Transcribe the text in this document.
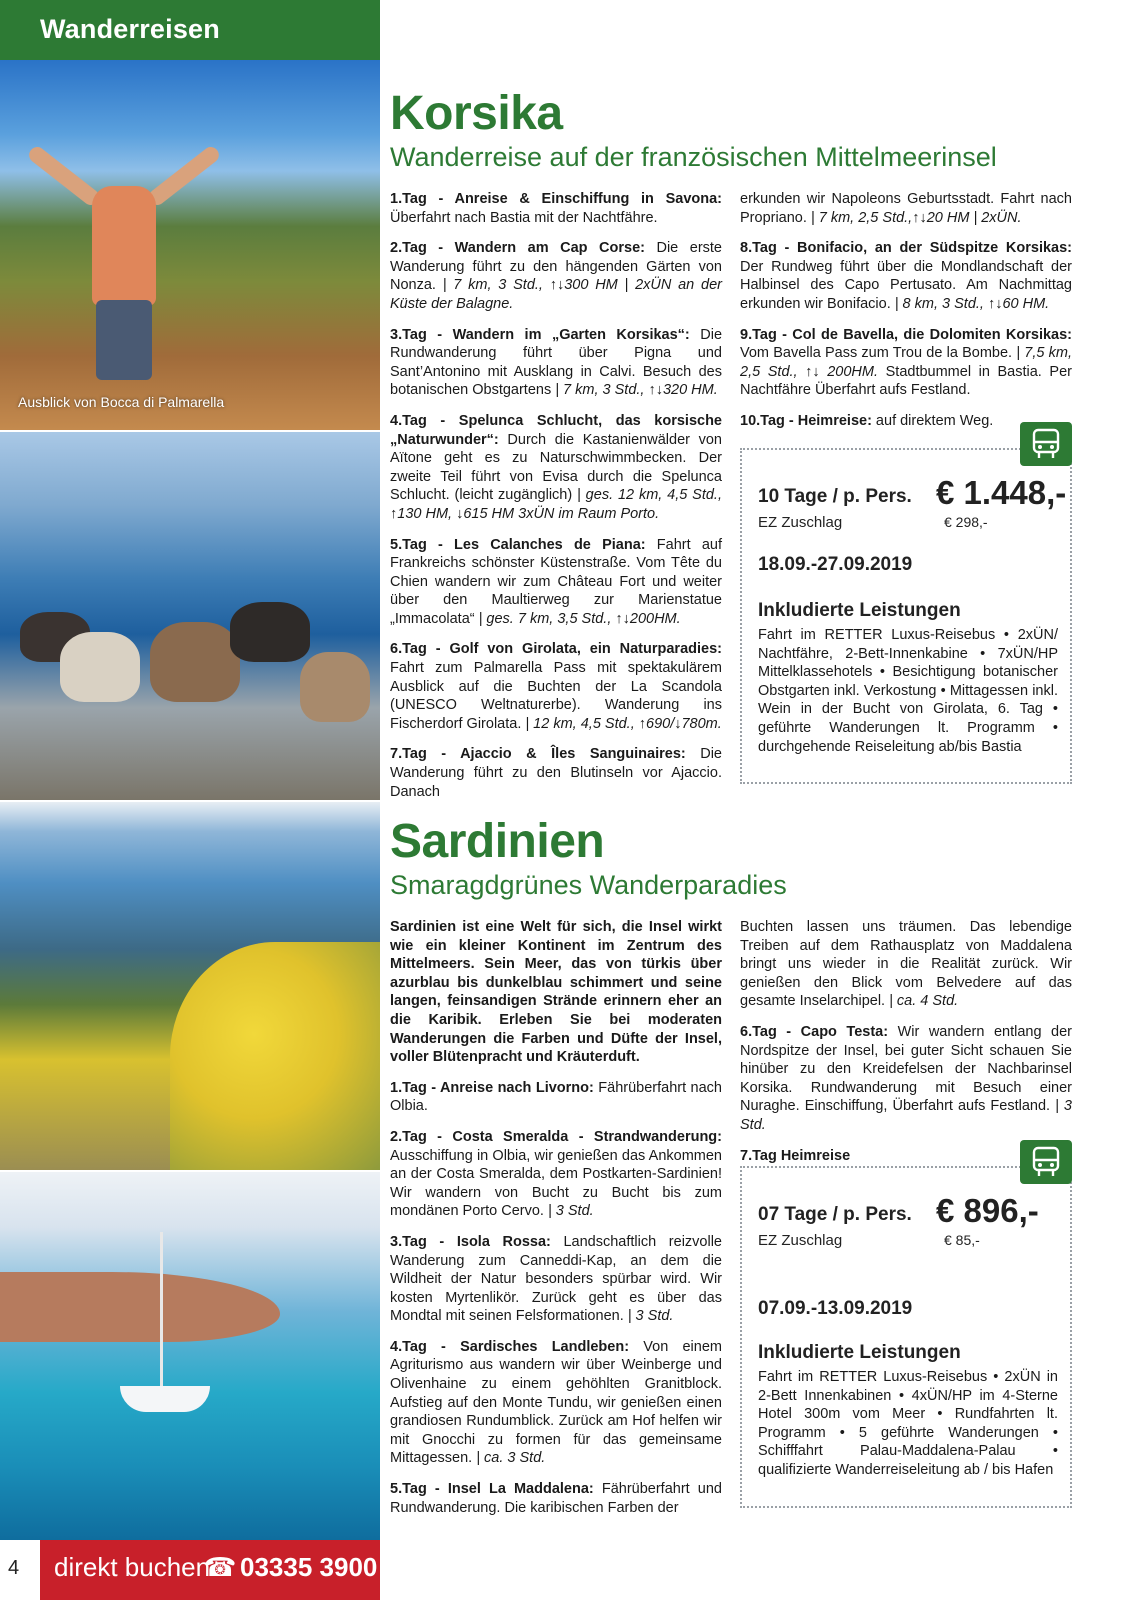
Wanderreisen
Ausblick von Bocca di Palmarella
4 direkt buchen
☎ 03335 3900
Korsika
Wanderreise auf der französischen Mittelmeerinsel

1.Tag - Anreise & Einschiffung in Savona: Überfahrt nach Bastia mit der Nachtfähre.

2.Tag - Wandern am Cap Corse: Die erste Wanderung führt zu den hängenden Gärten von Nonza. | 7 km, 3 Std., ↑↓300 HM | 2xÜN an der Küste der Balagne.

3.Tag - Wandern im „Garten Korsikas“: Die Rundwanderung führt über Pigna und Sant’Antonino mit Ausklang in Calvi. Besuch des botanischen Obstgartens | 7 km, 3 Std., ↑↓320 HM.

4.Tag - Spelunca Schlucht, das korsische „Naturwunder“: Durch die Kastanienwälder von Aïtone geht es zu Naturschwimmbecken. Der zweite Teil führt von Evisa durch die Spelunca Schlucht. (leicht zugänglich) | ges. 12 km, 4,5 Std., ↑130 HM, ↓615 HM 3xÜN im Raum Porto.

5.Tag - Les Calanches de Piana: Fahrt auf Frankreichs schönster Küstenstraße. Vom Tête du Chien wandern wir zum Château Fort und weiter über den Maultierweg zur Marienstatue „Immacolata“ | ges. 7 km, 3,5 Std., ↑↓200HM.

6.Tag - Golf von Girolata, ein Naturparadies: Fahrt zum Palmarella Pass mit spektakulärem Ausblick auf die Buchten der La Scandola (UNESCO Weltnaturerbe). Wanderung ins Fischerdorf Girolata. | 12 km, 4,5 Std., ↑690/↓780m.

7.Tag - Ajaccio & Îles Sanguinaires: Die Wanderung führt zu den Blutinseln vor Ajaccio. Danach

erkunden wir Napoleons Geburtsstadt. Fahrt nach Propriano. | 7 km, 2,5 Std.,↑↓20 HM | 2xÜN.

8.Tag - Bonifacio, an der Südspitze Korsikas: Der Rundweg führt über die Mondlandschaft der Halbinsel des Capo Pertusato. Am Nachmittag erkunden wir Bonifacio. | 8 km, 3 Std., ↑↓60 HM.

9.Tag - Col de Bavella, die Dolomiten Korsikas: Vom Bavella Pass zum Trou de la Bombe. | 7,5 km, 2,5 Std., ↑↓ 200HM. Stadtbummel in Bastia. Per Nachtfähre Überfahrt aufs Festland.

10.Tag - Heimreise: auf direktem Weg.

10 Tage / p. Pers. € 1.448,-
EZ Zuschlag	€ 298,-
18.09.-27.09.2019
Inkludierte Leistungen
Fahrt im RETTER Luxus-Reisebus • 2xÜN/ Nachtfähre, 2-Bett-Innenkabine • 7xÜN/HP Mittelklassehotels • Besichtigung botanischer Obstgarten inkl. Verkostung • Mittagessen inkl. Wein in der Bucht von Girolata, 6. Tag • geführte Wanderungen lt. Programm • durchgehende Reiseleitung ab/bis Bastia
Sardinien
Smaragdgrünes Wanderparadies

Sardinien ist eine Welt für sich, die Insel wirkt wie ein kleiner Kontinent im Zentrum des Mittelmeers. Sein Meer, das von türkis über azurblau bis dunkelblau schimmert und seine langen, feinsandigen Strände erinnern eher an die Karibik. Erleben Sie bei moderaten Wanderungen die Farben und Düfte der Insel, voller Blütenpracht und Kräuterduft.

1.Tag - Anreise nach Livorno: Fährüberfahrt nach Olbia.

2.Tag - Costa Smeralda - Strandwanderung: Ausschiffung in Olbia, wir genießen das Ankommen an der Costa Smeralda, dem Postkarten-Sardinien! Wir wandern von Bucht zu Bucht bis zum mondänen Porto Cervo. | 3 Std.

3.Tag - Isola Rossa: Landschaftlich reizvolle Wanderung zum Canneddi-Kap, an dem die Wildheit der Natur besonders spürbar wird. Wir kosten Myrtenlikör. Zurück geht es über das Mondtal mit seinen Felsformationen. | 3 Std.

4.Tag - Sardisches Landleben: Von einem Agriturismo aus wandern wir über Weinberge und Olivenhaine zu einem gehöhlten Granitblock. Aufstieg auf den Monte Tundu, wir genießen einen grandiosen Rundumblick. Zurück am Hof helfen wir mit Gnocchi zu formen für das gemeinsame Mittagessen. | ca. 3 Std.

5.Tag - Insel La Maddalena: Fährüberfahrt und Rundwanderung. Die karibischen Farben der

Buchten lassen uns träumen. Das lebendige Treiben auf dem Rathausplatz von Maddalena bringt uns wieder in die Realität zurück. Wir genießen den Blick vom Belvedere auf das gesamte Inselarchipel. | ca. 4 Std.

6.Tag - Capo Testa: Wir wandern entlang der Nordspitze der Insel, bei guter Sicht schauen Sie hinüber zu den Kreidefelsen der Nachbarinsel Korsika. Rundwanderung mit Besuch einer Nuraghe. Einschiffung, Überfahrt aufs Festland. | 3 Std.

7.Tag Heimreise

07 Tage / p. Pers. € 896,-
EZ Zuschlag	€ 85,-
07.09.-13.09.2019
Inkludierte Leistungen
Fahrt im RETTER Luxus-Reisebus • 2xÜN in 2-Bett Innenkabinen • 4xÜN/HP im 4-Sterne Hotel 300m vom Meer • Rundfahrten lt. Programm • 5 geführte Wanderungen • Schifffahrt Palau-Maddalena-Palau • qualifizierte Wanderreiseleitung ab / bis Hafen
